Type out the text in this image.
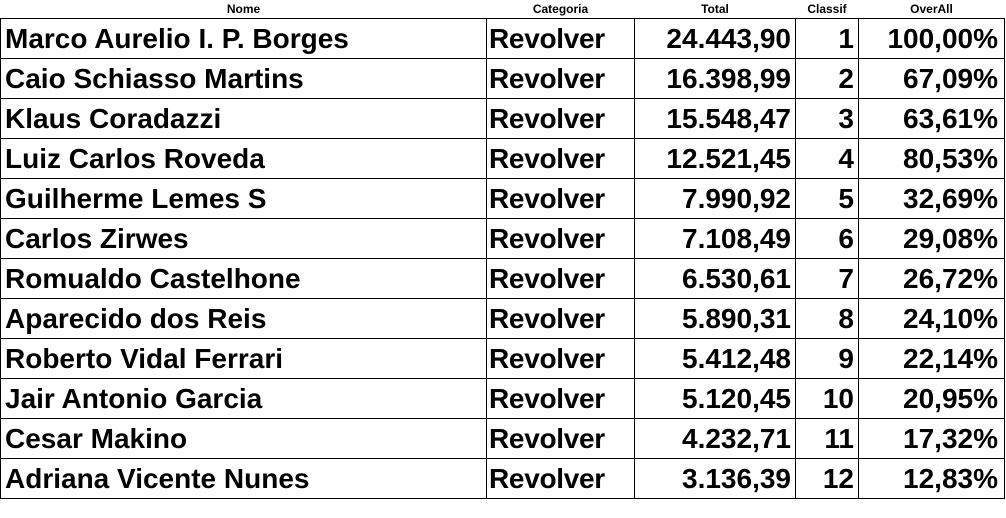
Nome	Categoria	Total	Classif	OverAll
Marco Aurelio I. P. Borges	Revolver	24.443,90	1	100,00%
Caio Schiasso Martins	Revolver	16.398,99	2	67,09%
Klaus Coradazzi	Revolver	15.548,47	3	63,61%
Luiz Carlos Roveda	Revolver	12.521,45	4	80,53%
Guilherme Lemes S	Revolver	7.990,92	5	32,69%
Carlos Zirwes	Revolver	7.108,49	6	29,08%
Romualdo Castelhone	Revolver	6.530,61	7	26,72%
Aparecido dos Reis	Revolver	5.890,31	8	24,10%
Roberto Vidal Ferrari	Revolver	5.412,48	9	22,14%
Jair Antonio Garcia	Revolver	5.120,45	10	20,95%
Cesar Makino	Revolver	4.232,71	11	17,32%
Adriana Vicente Nunes	Revolver	3.136,39	12	12,83%
